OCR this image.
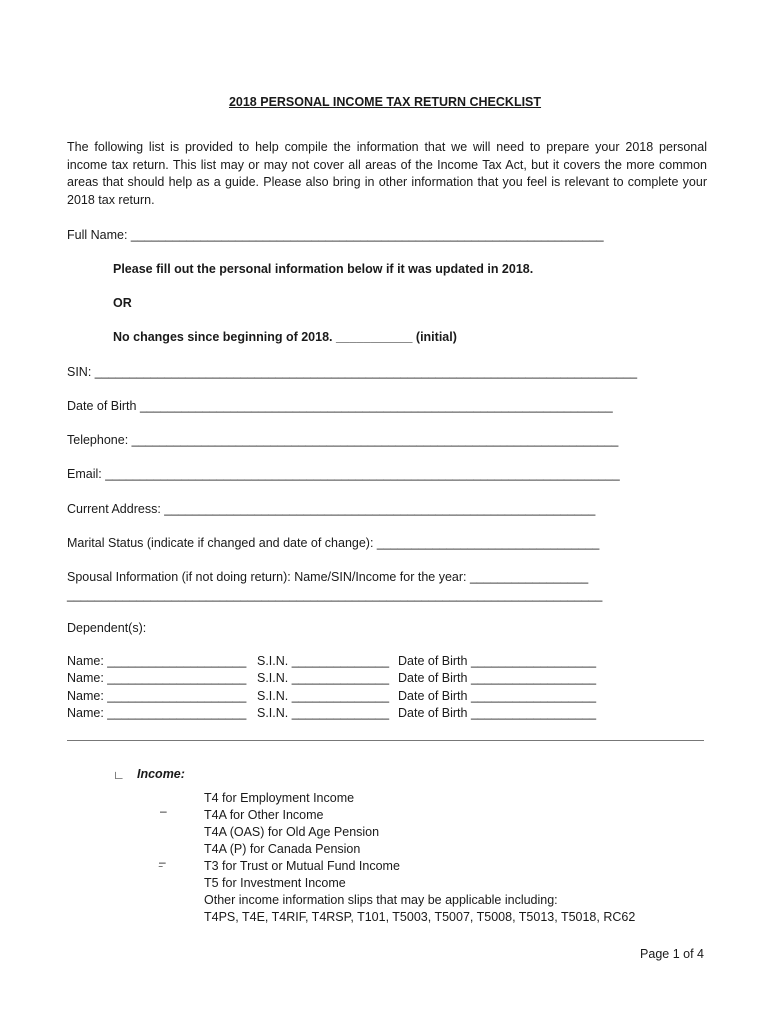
2018 PERSONAL INCOME TAX RETURN CHECKLIST
The following list is provided to help compile the information that we will need to prepare your 2018 personal income tax return. This list may or may not cover all areas of the Income Tax Act, but it covers the more common areas that should help as a guide. Please also bring in other information that you feel is relevant to complete your 2018 tax return.
Full Name: ____________________________________________________________________
Please fill out the personal information below if it was updated in 2018.
OR
No changes since beginning of 2018. ___________ (initial)
SIN: ______________________________________________________________________________
Date of Birth ____________________________________________________________________
Telephone: ______________________________________________________________________
Email: __________________________________________________________________________
Current Address: ______________________________________________________________
Marital Status (indicate if changed and date of change): ________________________________
Spousal Information (if not doing return): Name/SIN/Income for the year: _________________
_____________________________________________________________________________
Dependent(s):
Name: ____________________ S.I.N. ______________ Date of Birth __________________
Name: ____________________ S.I.N. ______________ Date of Birth __________________
Name: ____________________ S.I.N. ______________ Date of Birth __________________
Name: ____________________ S.I.N. ______________ Date of Birth __________________
∟ Income:
–
–
‾
T4 for Employment Income
T4A for Other Income
T4A (OAS) for Old Age Pension
T4A (P) for Canada Pension
T3 for Trust or Mutual Fund Income
T5 for Investment Income
Other income information slips that may be applicable including:
T4PS, T4E, T4RIF, T4RSP, T101, T5003, T5007, T5008, T5013, T5018, RC62
Page 1 of 4
